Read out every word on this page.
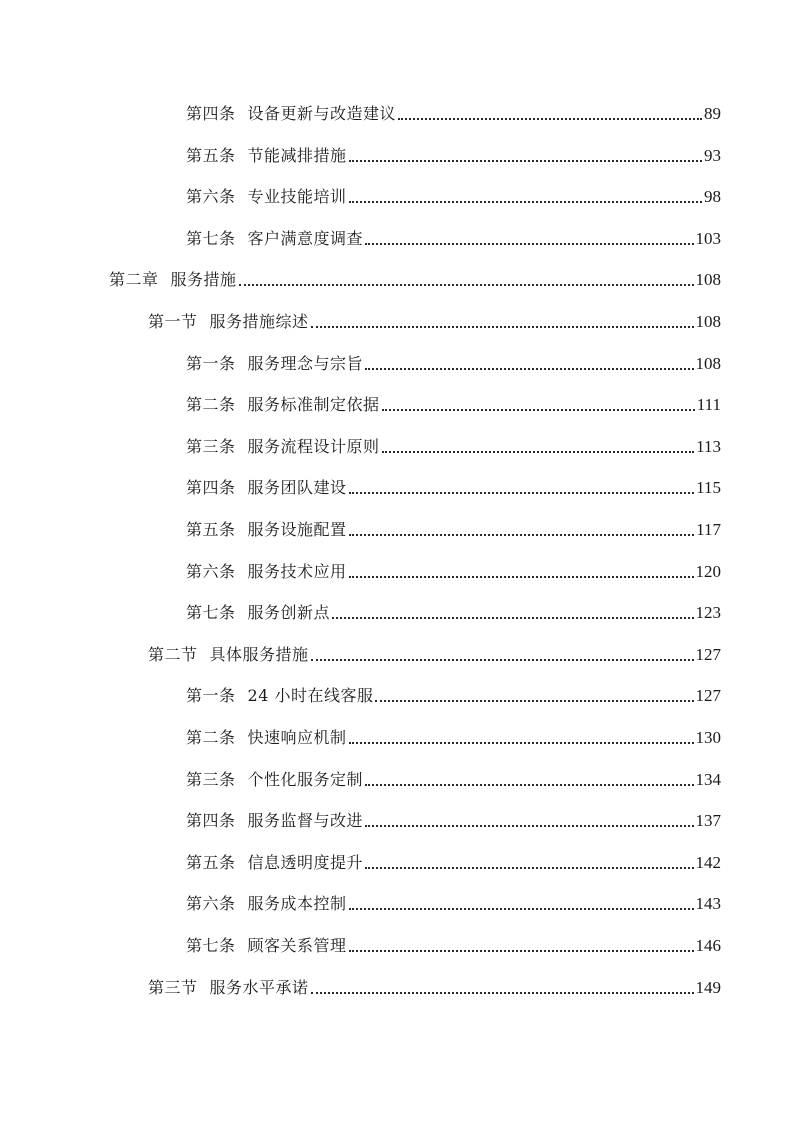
第四条 设备更新与改造建议	89
第五条 节能减排措施	93
第六条 专业技能培训	98
第七条 客户满意度调查	103
第二章 服务措施	108
第一节 服务措施综述	108
第一条 服务理念与宗旨	108
第二条 服务标准制定依据	111
第三条 服务流程设计原则	113
第四条 服务团队建设	115
第五条 服务设施配置	117
第六条 服务技术应用	120
第七条 服务创新点	123
第二节 具体服务措施	127
第一条 24 小时在线客服	127
第二条 快速响应机制	130
第三条 个性化服务定制	134
第四条 服务监督与改进	137
第五条 信息透明度提升	142
第六条 服务成本控制	143
第七条 顾客关系管理	146
第三节 服务水平承诺	149
